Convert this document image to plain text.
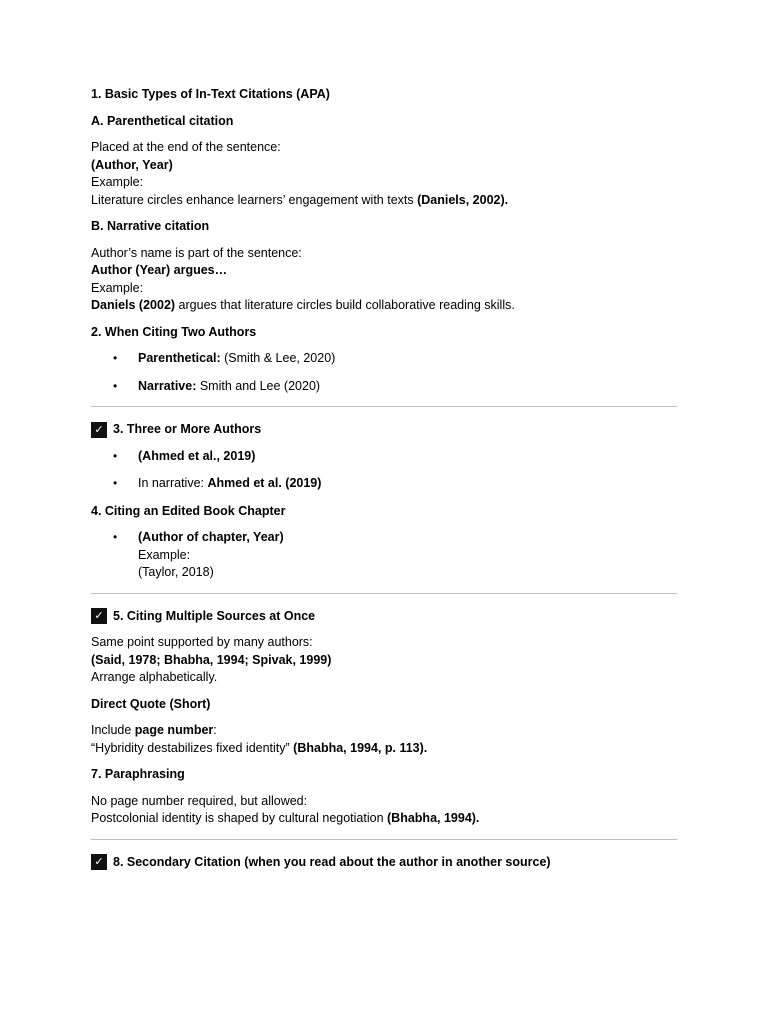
1. Basic Types of In-Text Citations (APA)
A. Parenthetical citation
Placed at the end of the sentence:
(Author, Year)
Example:
Literature circles enhance learners’ engagement with texts (Daniels, 2002).
B. Narrative citation
Author’s name is part of the sentence:
Author (Year) argues…
Example:
Daniels (2002) argues that literature circles build collaborative reading skills.
2. When Citing Two Authors
• Parenthetical: (Smith & Lee, 2020)
• Narrative: Smith and Lee (2020)
✓ 3. Three or More Authors
• (Ahmed et al., 2019)
• In narrative: Ahmed et al. (2019)
4. Citing an Edited Book Chapter
• (Author of chapter, Year)
Example:
(Taylor, 2018)
✓ 5. Citing Multiple Sources at Once
Same point supported by many authors:
(Said, 1978; Bhabha, 1994; Spivak, 1999)
Arrange alphabetically.
Direct Quote (Short)
Include page number:
“Hybridity destabilizes fixed identity” (Bhabha, 1994, p. 113).
7. Paraphrasing
No page number required, but allowed:
Postcolonial identity is shaped by cultural negotiation (Bhabha, 1994).
✓ 8. Secondary Citation (when you read about the author in another source)
